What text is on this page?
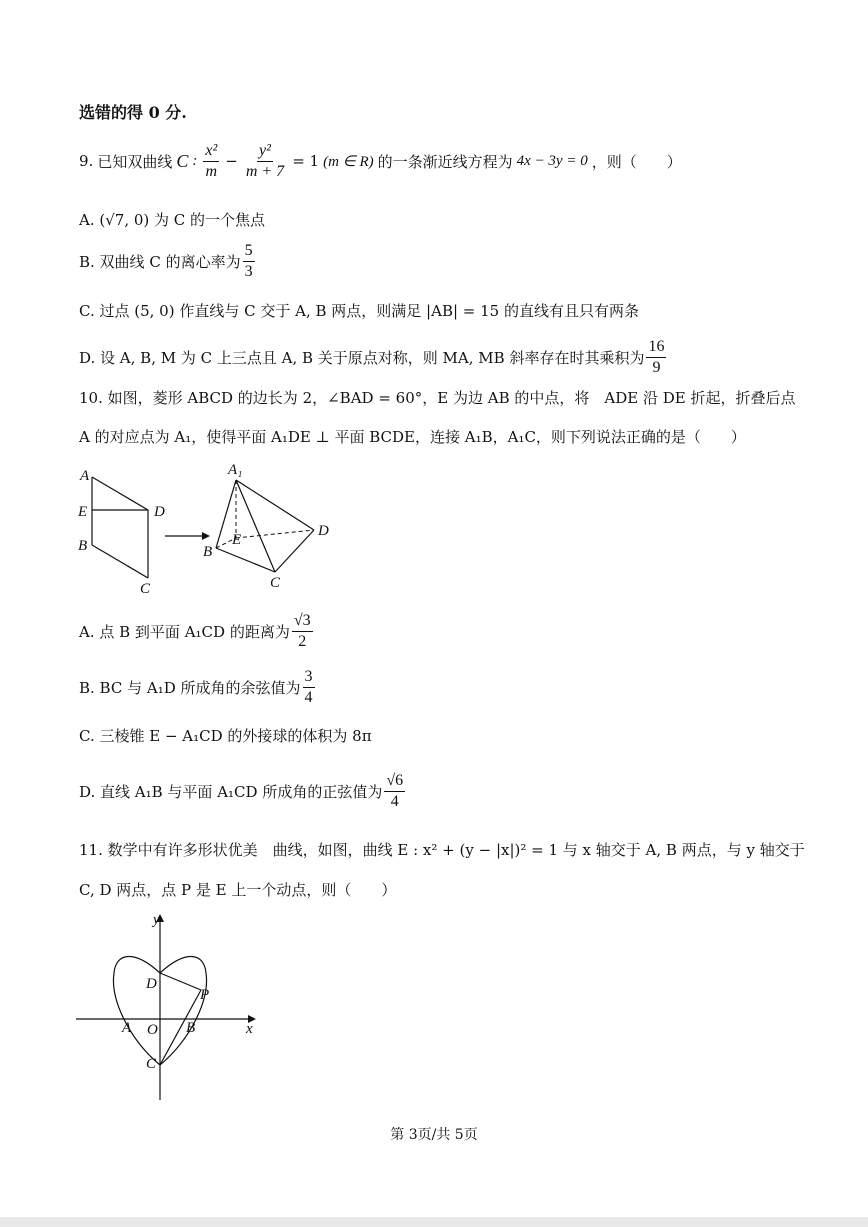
选错的得 0 分.
9. 已知双曲线 C : $\frac{\text{x²}}{m} - \frac{\text{y²}}{m + 7} = 1$ (m ∈ R) 的一条渐近线方程为 4x − 3y = 0 ，则（　　）
A. (√7, 0) 为 C 的一个焦点
B. 双曲线 C 的离心率为 $\frac{5}{3}$
C. 过点 (5, 0) 作直线与 C 交于 A, B 两点，则满足 |AB| = 15 的直线有且只有两条
D. 设 A, B, M 为 C 上三点且 A, B 关于原点对称，则 MA, MB 斜率存在时其乘积为 $\frac{16}{9}$
10. 如图，菱形 ABCD 的边长为 2，∠BAD = 60°，E 为边 AB 的中点，将　ADE 沿 DE 折起，折叠后点
A 的对应点为 A₁，使得平面 A₁DE ⊥ 平面 BCDE，连接 A₁B，A₁C，则下列说法正确的是（　　）
A
E
B
D
C
A₁
E
B
D
C
A. 点 B 到平面 A₁CD 的距离为 $\frac{√3}{2}$
B. BC 与 A₁D 所成角的余弦值为 $\frac{3}{4}$
C. 三棱锥 E − A₁CD 的外接球的体积为 8π
D. 直线 A₁B 与平面 A₁CD 所成角的正弦值为 $\frac{√6}{4}$
11. 数学中有许多形状优美　曲线，如图，曲线 E : x² + (y − |x|)² = 1 与 x 轴交于 A, B 两点，与 y 轴交于
C, D 两点，点 P 是 E 上一个动点，则（　　）
y
x
D
P
A O B
C
第 3页/共 5页
